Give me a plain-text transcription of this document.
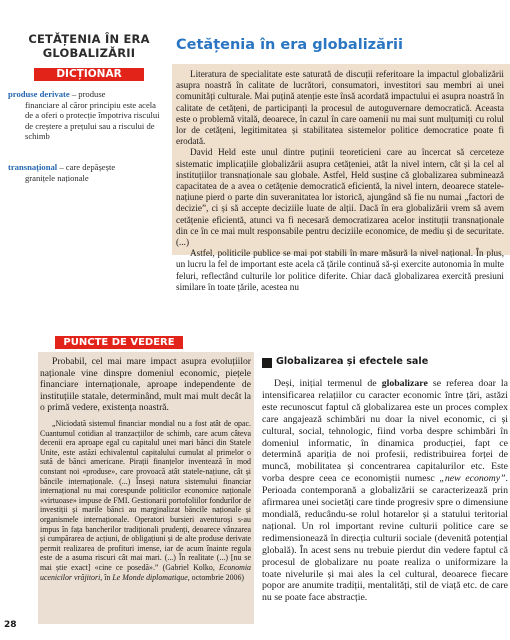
CETĂȚENIA ÎN ERA
GLOBALIZĂRII
DICȚIONAR
produse derivate – produse
financiare al căror principiu este acela de a oferi o protecție împotriva riscului de creștere a prețului sau a riscului de schimb
transnațional – care depășește
granițele naționale
Cetățenia în era globalizării

Literatura de specialitate este saturată de discuții referitoare la impactul globalizării asupra noastră în calitate de lucrători, consumatori, investitori sau membri ai unei comunități culturale. Mai puțină atenție este însă acordată impactului ei asupra noastră în calitate de cetățeni, de participanți la procesul de autoguvernare democratică. Aceasta este o problemă vitală, deoarece, în cazul în care oamenii nu mai sunt mulțumiți cu rolul lor de cetățeni, legitimitatea și stabilitatea sistemelor politice democratice poate fi erodată.

David Held este unul dintre puținii teoreticieni care au încercat să cerceteze sistematic implicațiile globalizării asupra cetățeniei, atât la nivel intern, cât și la cel al instituțiilor transnaționale sau globale. Astfel, Held susține că globalizarea subminează capacitatea de a avea o cetățenie democratică eficientă, la nivel intern, deoarece statele-națiune pierd o parte din suveranitatea lor istorică, ajungând să fie nu numai „factori de decizie”, ci și să accepte deciziile luate de alții. Dacă în era globalizării vrem să avem cetățenie eficientă, atunci va fi necesară democratizarea acelor instituții transnaționale din ce în ce mai mult responsabile pentru deciziile economice, de mediu și de securitate. (...)

Astfel, politicile publice se mai pot stabili în mare măsură la nivel național. În plus, un lucru la fel de important este acela că țările continuă să-și exercite autonomia în multe feluri, reflectând culturile lor politice diferite. Chiar dacă globalizarea exercită presiuni similare în toate țările, acestea nu

PUNCTE DE VEDERE

Probabil, cel mai mare impact asupra evoluțiilor naționale vine dinspre domeniul economic, piețele financiare internaționale, aproape independente de instituțiile statale, determinând, mult mai mult decât la o primă vedere, existența noastră.

„Niciodată sistemul financiar mondial nu a fost atât de opac. Cuantumul cotidian al tranzacțiilor de schimb, care acum câteva decenii era aproape egal cu capitalul unei mari bănci din Statele Unite, este astăzi echivalentul capitalului cumulat al primelor o sută de bănci americane. Pirații finanțelor inventează în mod constant noi «produse», care provoacă atât statele-națiune, cât și băncile internaționale. (...) Înseși natura sistemului financiar internațional nu mai corespunde politicilor economice naționale «virtuoase» impuse de FMI. Gestionarii portofoliilor fondurilor de investiții și marile bănci au marginalizat băncile naționale și organismele internaționale. Operatori bursieri aventuroși s-au impus în fața bancherilor tradiționali prudenți, deoarece vânzarea și cumpărarea de acțiuni, de obligațiuni și de alte produse derivate permit realizarea de profituri imense, iar de acum înainte regula este de a asuma riscuri cât mai mari. (...) În realitate (...) [nu se mai știe exact] «cine ce posedă».” (Gabriel Kolko, Economia ucenicilor vrăjitori, în Le Monde diplomatique, octombrie 2006)

28
Globalizarea și efectele sale

Deși, inițial termenul de globalizare se referea doar la intensificarea relațiilor cu caracter economic între țări, astăzi este recunoscut faptul că globalizarea este un proces complex care angajează schimbări nu doar la nivel economic, ci și cultural, social, tehnologic, fiind vorba despre schimbări în domeniul informatic, în dinamica producției, fapt ce determină apariția de noi profesii, redistribuirea forței de muncă, mobilitatea și concentrarea capitalurilor etc. Este vorba despre ceea ce economiștii numesc „new economy”. Perioada contemporană a globalizării se caracterizează prin afirmarea unei societăți care tinde progresiv spre o dimensiune mondială, reducându-se rolul hotarelor și a statului teritorial național. Un rol important revine culturii politice care se redimensionează în direcția culturii sociale (devenită potențial globală). În acest sens nu trebuie pierdut din vedere faptul că procesul de globalizare nu poate realiza o uniformizare la toate nivelurile și mai ales la cel cultural, deoarece fiecare popor are anumite tradiții, mentalități, stil de viață etc. de care nu se poate face abstracție.
